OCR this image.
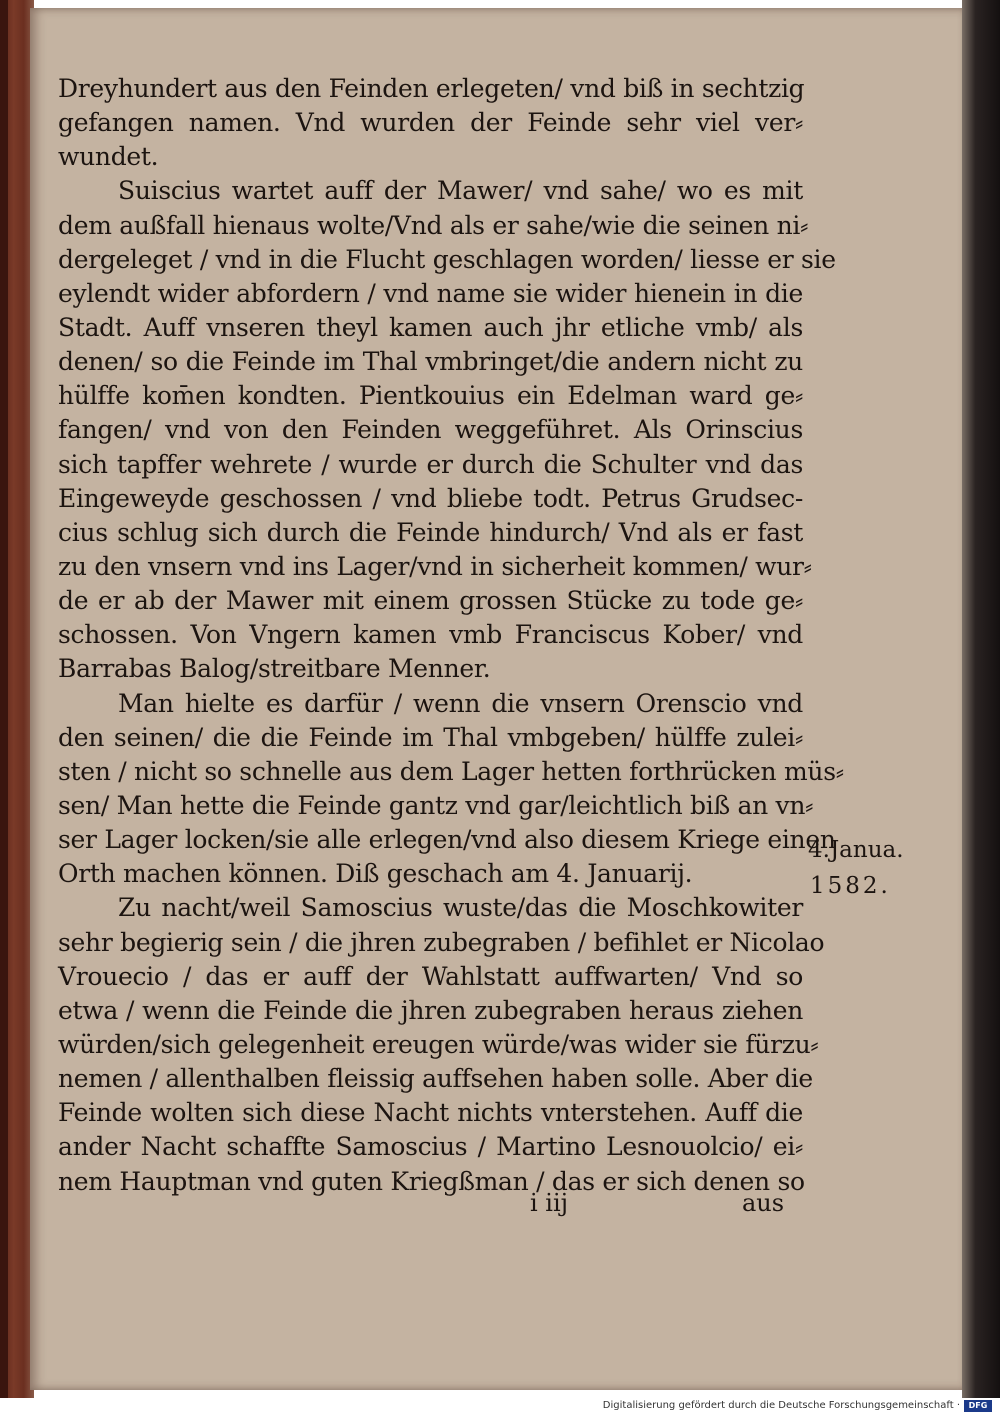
Dreyhundert aus den Feinden erlegeten/ vnd biß in sechtzig
gefangen namen. Vnd wurden der Feinde sehr viel ver⸗
wundet.
Suiscius wartet auff der Mawer/ vnd sahe/ wo es mit
dem außfall hienaus wolte/Vnd als er sahe/wie die seinen ni⸗
dergeleget / vnd in die Flucht geschlagen worden/ liesse er sie
eylendt wider abfordern / vnd name sie wider hienein in die
Stadt. Auff vnseren theyl kamen auch jhr etliche vmb/ als
denen/ so die Feinde im Thal vmbringet/die andern nicht zu
hülffe kom̄en kondten. Pientkouius ein Edelman ward ge⸗
fangen/ vnd von den Feinden weggeführet. Als Orinscius
sich tapffer wehrete / wurde er durch die Schulter vnd das
Eingeweyde geschossen / vnd bliebe todt. Petrus Grudsec-
cius schlug sich durch die Feinde hindurch/ Vnd als er fast
zu den vnsern vnd ins Lager/vnd in sicherheit kommen/ wur⸗
de er ab der Mawer mit einem grossen Stücke zu tode ge⸗
schossen. Von Vngern kamen vmb Franciscus Kober/ vnd
Barrabas Balog/streitbare Menner.
Man hielte es darfür / wenn die vnsern Orenscio vnd
den seinen/ die die Feinde im Thal vmbgeben/ hülffe zulei⸗
sten / nicht so schnelle aus dem Lager hetten forthrücken müs⸗
sen/ Man hette die Feinde gantz vnd gar/leichtlich biß an vn⸗
ser Lager locken/sie alle erlegen/vnd also diesem Kriege einen
Orth machen können. Diß geschach am 4. Januarij.
Zu nacht/weil Samoscius wuste/das die Moschkowiter
sehr begierig sein / die jhren zubegraben / befihlet er Nicolao
Vrouecio / das er auff der Wahlstatt auffwarten/ Vnd so
etwa / wenn die Feinde die jhren zubegraben heraus ziehen
würden/sich gelegenheit ereugen würde/was wider sie fürzu⸗
nemen / allenthalben fleissig auffsehen haben solle. Aber die
Feinde wolten sich diese Nacht nichts vnterstehen. Auff die
ander Nacht schaffte Samoscius / Martino Lesnouolcio/ ei⸗
nem Hauptman vnd guten Kriegßman / das er sich denen so
4.Janua.
1582.
i iij	aus
Digitalisierung gefördert durch die Deutsche Forschungsgemeinschaft ·	DFG
